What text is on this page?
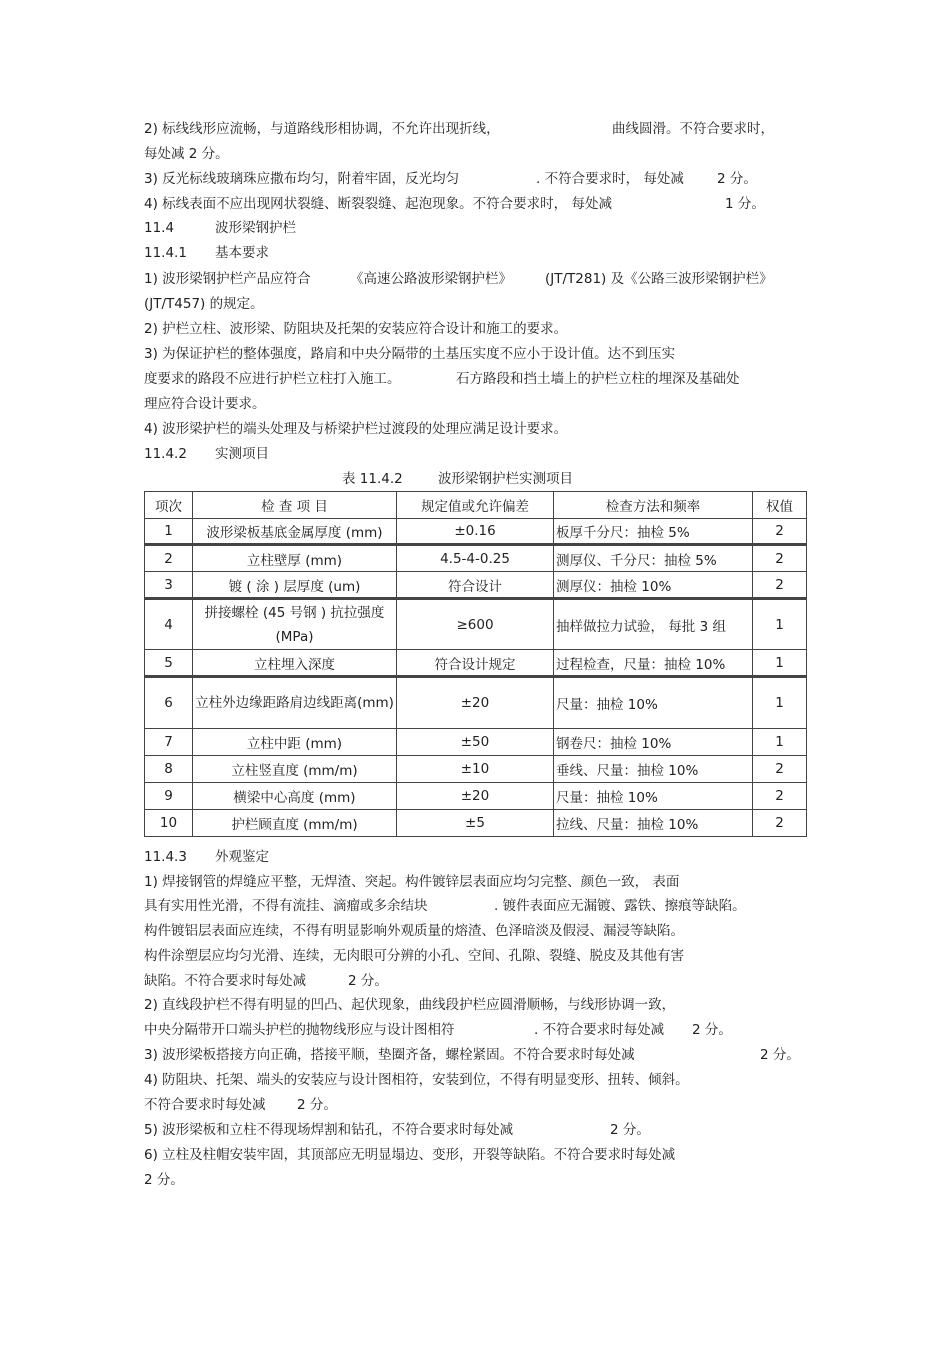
2) 标线线形应流畅，与道路线形相协调，不允许出现折线，	曲线圆滑。不符合要求时，
每处减 2 分。
3) 反光标线玻璃珠应撒布均匀，附着牢固，反光均匀	. 不符合要求时， 每处减 2 分。
4) 标线表面不应出现网状裂缝、断裂裂缝、起泡现象。不符合要求时， 每处减	1 分。
11.4	波形梁钢护栏
11.4.1 基本要求
1) 波形梁钢护栏产品应符合	《高速公路波形梁钢护栏》 (JT/T281) 及《公路三波形梁钢护栏》
(JT/T457) 的规定。
2) 护栏立柱、波形梁、防阻块及托架的安装应符合设计和施工的要求。
3) 为保证护栏的整体强度，路肩和中央分隔带的土基压实度不应小于设计值。达不到压实
度要求的路段不应进行护栏立柱打入施工。	石方路段和挡土墙上的护栏立柱的埋深及基础处
理应符合设计要求。
4) 波形梁护栏的端头处理及与桥梁护栏过渡段的处理应满足设计要求。
11.4.2 实测项目
表 11.4.2	波形梁钢护栏实测项目
项次	检 查 项 目	规定值或允许偏差	检查方法和频率	权值
1	波形梁板基底金属厚度 (mm)	±0.16	板厚千分尺：抽检 5%	2
2	立柱壁厚 (mm)	4.5-4-0.25	测厚仪、千分尺：抽检 5%	2
3	镀 ( 涂 ) 层厚度 (um)	符合设计	测厚仪：抽检 10%	2
4	拼接螺栓 (45 号钢 ) 抗拉强度(MPa)	≥600	抽样做拉力试验， 每批 3 组	1
5	立柱埋入深度	符合设计规定	过程检查，尺量：抽检 10%	1
6	立柱外边缘距路肩边线距离(mm)	±20	尺量：抽检 10%	1
7	立柱中距 (mm)	±50	钢卷尺：抽检 10%	1
8	立柱竖直度 (mm/m)	±10	垂线、尺量：抽检 10%	2
9	横梁中心高度 (mm)	±20	尺量：抽检 10%	2
10	护栏顾直度 (mm/m)	±5	拉线、尺量：抽检 10%	2
11.4.3 外观鉴定
1) 焊接钢管的焊缝应平整，无焊渣、突起。构件镀锌层表面应均匀完整、颜色一致， 表面
具有实用性光滑，不得有流挂、滴瘤或多余结块	. 镀件表面应无漏镀、露铁、擦痕等缺陷。
构件镀铝层表面应连续，不得有明显影响外观质量的熔渣、色泽暗淡及假浸、漏浸等缺陷。
构件涂塑层应均匀光滑、连续，无肉眼可分辨的小孔、空间、孔隙、裂缝、脱皮及其他有害
缺陷。不符合要求时每处减	2 分。
2) 直线段护栏不得有明显的凹凸、起伏现象，曲线段护栏应圆滑顺畅，与线形协调一致，
中央分隔带开口端头护栏的抛物线形应与设计图相符	. 不符合要求时每处减 2 分。
3) 波形梁板搭接方向正确，搭接平顺，垫圈齐备，螺栓紧固。不符合要求时每处减	2 分。
4) 防阻块、托架、端头的安装应与设计图相符，安装到位，不得有明显变形、扭转、倾斜。
不符合要求时每处减 2 分。
5) 波形梁板和立柱不得现场焊割和钻孔，不符合要求时每处减	2 分。
6) 立柱及柱帽安装牢固，其顶部应无明显塌边、变形，开裂等缺陷。不符合要求时每处减
2 分。
